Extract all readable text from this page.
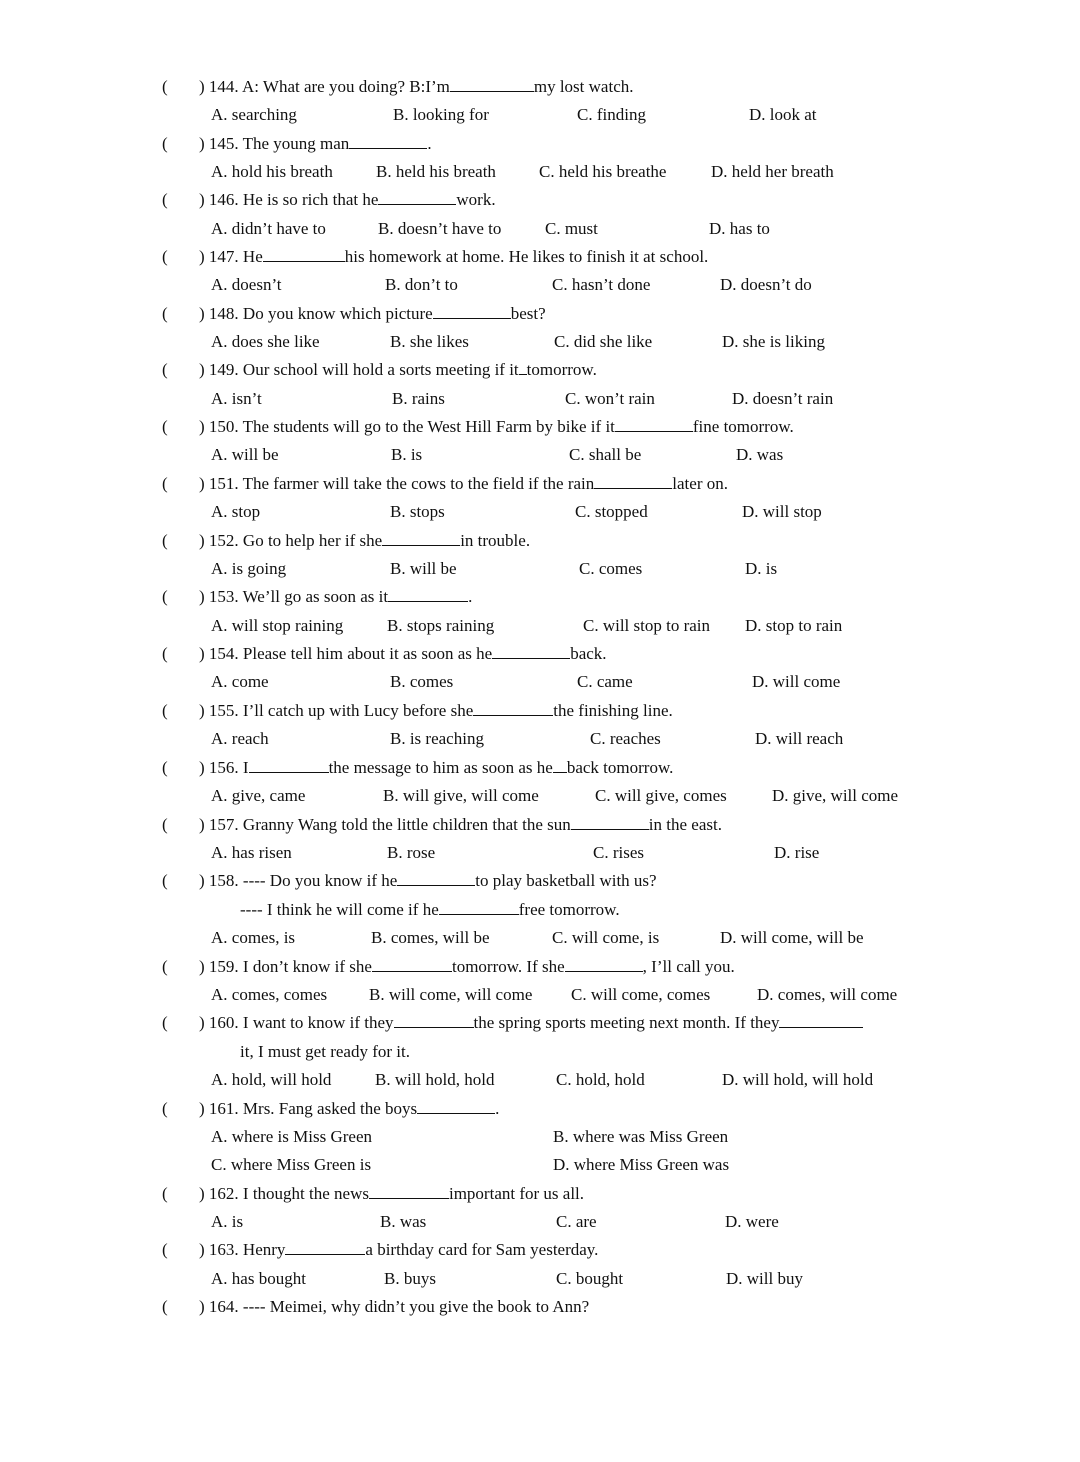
( ) 144. A: What are you doing? B:I’m	my lost watch.
A. searching	B. looking for	C. finding	D. look at
( ) 145. The young man	.
A. hold his breath	B. held his breath	C. held his breathe	D. held her breath
( ) 146. He is so rich that he	work.
A. didn’t have to	B. doesn’t have to	C. must	D. has to
( ) 147. He	his homework at home. He likes to finish it at school.
A. doesn’t	B. don’t to	C. hasn’t done	D. doesn’t do
( ) 148. Do you know which picture	best?
A. does she like	B. she likes	C. did she like	D. she is liking
( ) 149. Our school will hold a sorts meeting if it tomorrow.
A. isn’t	B. rains	C. won’t rain	D. doesn’t rain
( ) 150. The students will go to the West Hill Farm by bike if it	fine tomorrow.
A. will be	B. is	C. shall be	D. was
( ) 151. The farmer will take the cows to the field if the rain	later on.
A. stop	B. stops	C. stopped	D. will stop
( ) 152. Go to help her if she	in trouble.
A. is going	B. will be	C. comes	D. is
( ) 153. We’ll go as soon as it	.
A. will stop raining	B. stops raining	C. will stop to rain D. stop to rain
( ) 154. Please tell him about it as soon as he	back.
A. come	B. comes	C. came	D. will come
( ) 155. I’ll catch up with Lucy before she	the finishing line.
A. reach	B. is reaching	C. reaches	D. will reach
( ) 156. I	the message to him as soon as he back tomorrow.
A. give, came	B. will give, will come	C. will give, comes	D. give, will come
( ) 157. Granny Wang told the little children that the sun	in the east.
A. has risen	B. rose	C. rises	D. rise
( ) 158. ---- Do you know if he	to play basketball with us?
---- I think he will come if he	free tomorrow.
A. comes, is	B. comes, will be	C. will come, is	D. will come, will be
( ) 159. I don’t know if she	tomorrow. If she	, I’ll call you.
A. comes, comes B. will come, will come C. will come, comes	D. comes, will come
( ) 160. I want to know if they	the spring sports meeting next month. If they
it, I must get ready for it.
A. hold, will hold	B. will hold, hold	C. hold, hold	D. will hold, will hold
( ) 161. Mrs. Fang asked the boys	.
A. where is Miss Green	B. where was Miss Green
C. where Miss Green is	D. where Miss Green was
( ) 162. I thought the news	important for us all.
A. is	B. was	C. are	D. were
( ) 163. Henry	a birthday card for Sam yesterday.
A. has bought	B. buys	C. bought	D. will buy
( ) 164. ---- Meimei, why didn’t you give the book to Ann?
